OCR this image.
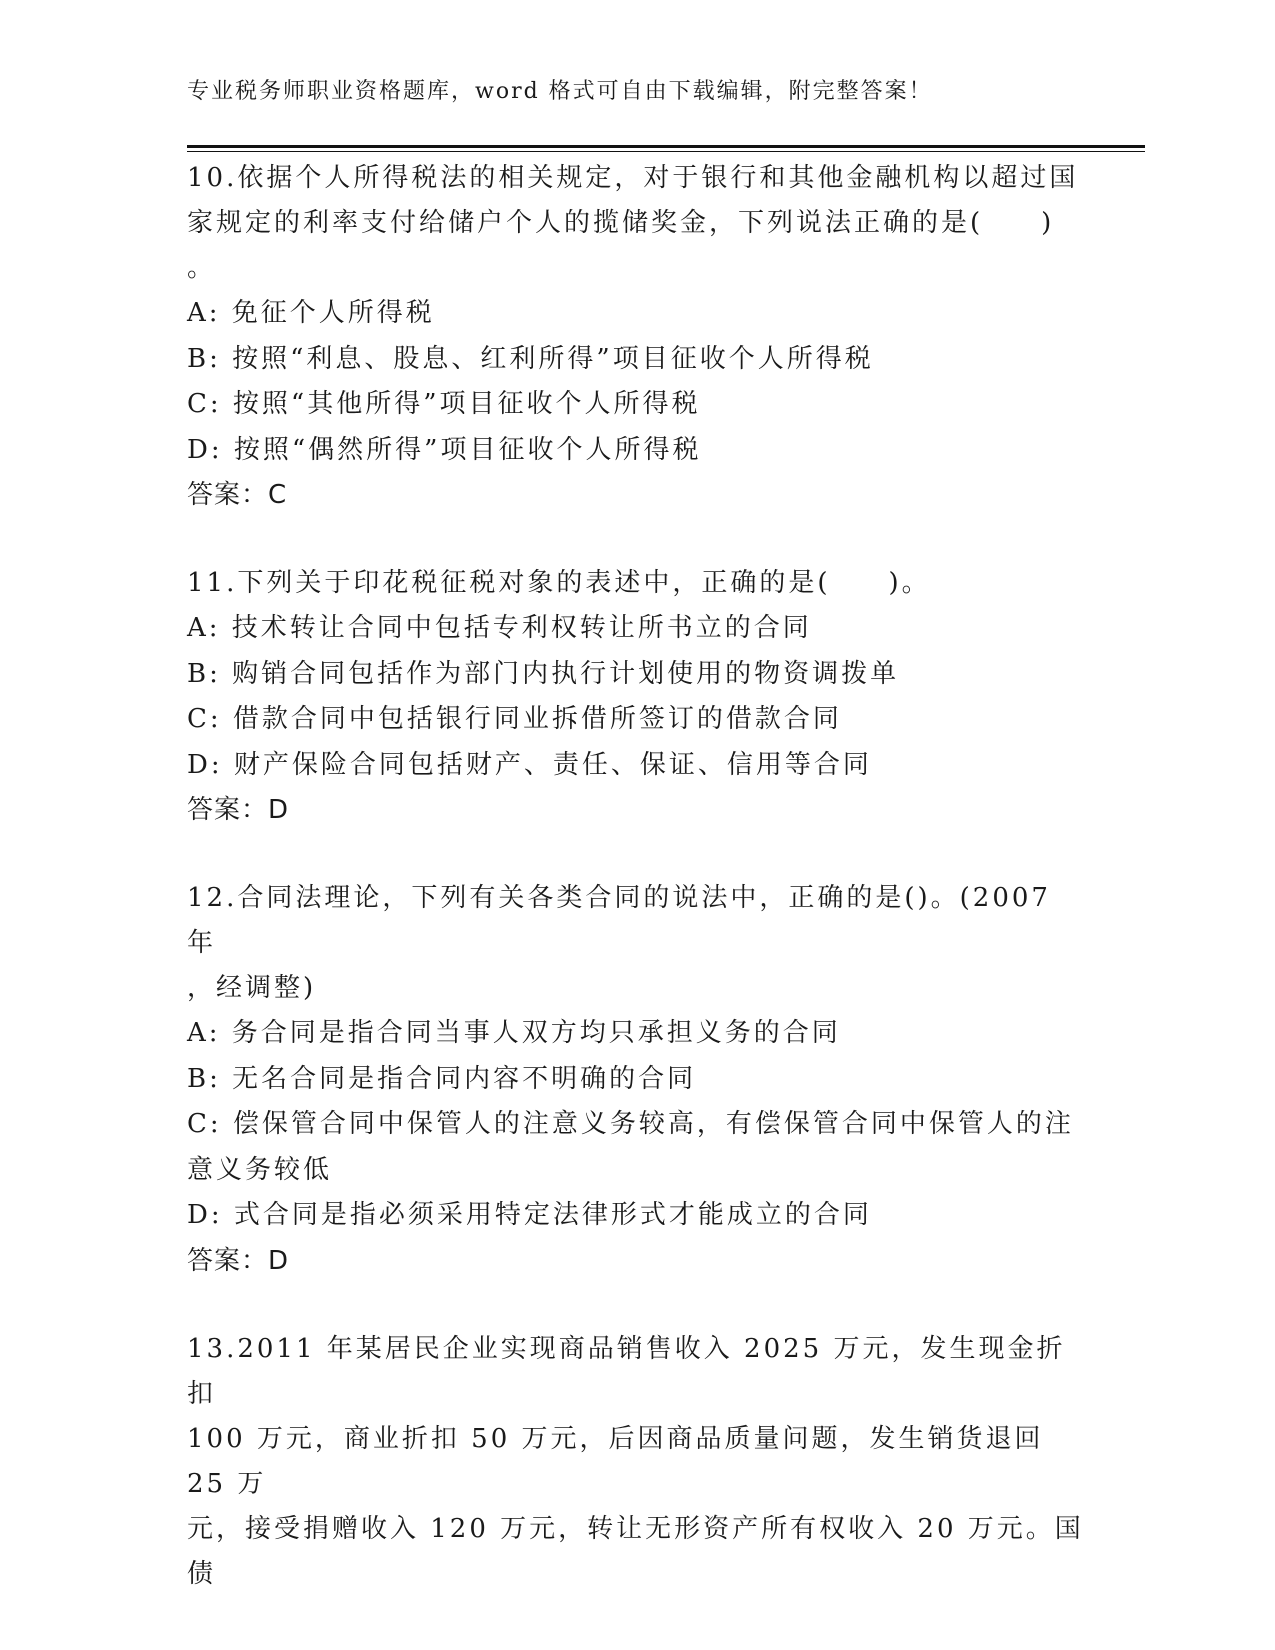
专业税务师职业资格题库，word 格式可自由下载编辑，附完整答案！

10.依据个人所得税法的相关规定，对于银行和其他金融机构以超过国

家规定的利率支付给储户个人的揽储奖金，下列说法正确的是(　　)

。

A: 免征个人所得税

B: 按照“利息、股息、红利所得”项目征收个人所得税

C: 按照“其他所得”项目征收个人所得税

D: 按照“偶然所得”项目征收个人所得税

答案：C

11.下列关于印花税征税对象的表述中，正确的是(　　)。

A: 技术转让合同中包括专利权转让所书立的合同

B: 购销合同包括作为部门内执行计划使用的物资调拨单

C: 借款合同中包括银行同业拆借所签订的借款合同

D: 财产保险合同包括财产、责任、保证、信用等合同

答案：D

12.合同法理论，下列有关各类合同的说法中，正确的是()。(2007 年

，经调整)

A: 务合同是指合同当事人双方均只承担义务的合同

B: 无名合同是指合同内容不明确的合同

C: 偿保管合同中保管人的注意义务较高，有偿保管合同中保管人的注

意义务较低

D: 式合同是指必须采用特定法律形式才能成立的合同

答案：D

13.2011 年某居民企业实现商品销售收入 2025 万元，发生现金折扣

100 万元，商业折扣 50 万元，后因商品质量问题，发生销货退回 25 万

元，接受捐赠收入 120 万元，转让无形资产所有权收入 20 万元。国债
